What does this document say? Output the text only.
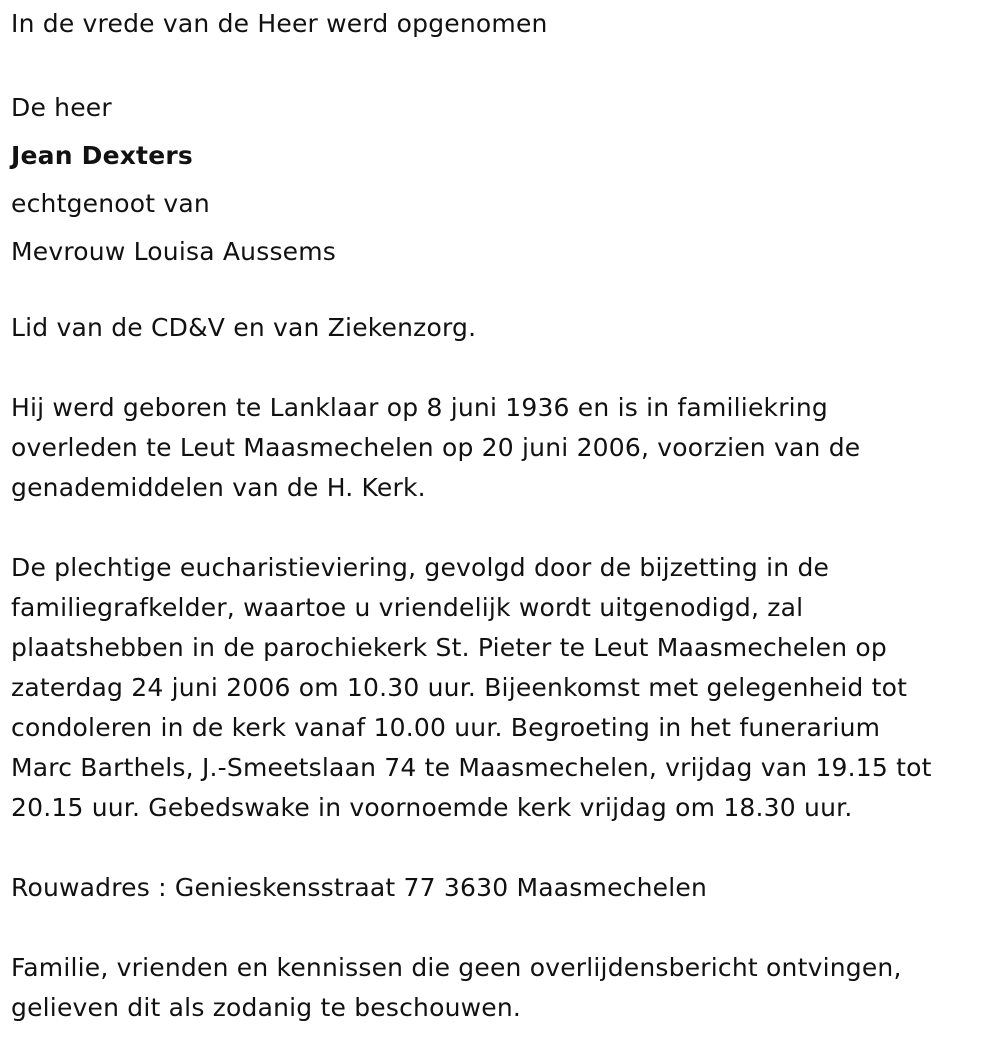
In de vrede van de Heer werd opgenomen
De heer
Jean Dexters
echtgenoot van
Mevrouw Louisa Aussems
Lid van de CD&V en van Ziekenzorg.
Hij werd geboren te Lanklaar op 8 juni 1936 en is in familiekring
overleden te Leut Maasmechelen op 20 juni 2006, voorzien van de
genademiddelen van de H. Kerk.
De plechtige eucharistieviering, gevolgd door de bijzetting in de
familiegrafkelder, waartoe u vriendelijk wordt uitgenodigd, zal
plaatshebben in de parochiekerk St. Pieter te Leut Maasmechelen op
zaterdag 24 juni 2006 om 10.30 uur. Bijeenkomst met gelegenheid tot
condoleren in de kerk vanaf 10.00 uur. Begroeting in het funerarium
Marc Barthels, J.-Smeetslaan 74 te Maasmechelen, vrijdag van 19.15 tot
20.15 uur. Gebedswake in voornoemde kerk vrijdag om 18.30 uur.
Rouwadres : Genieskensstraat 77 3630 Maasmechelen
Familie, vrienden en kennissen die geen overlijdensbericht ontvingen,
gelieven dit als zodanig te beschouwen.
